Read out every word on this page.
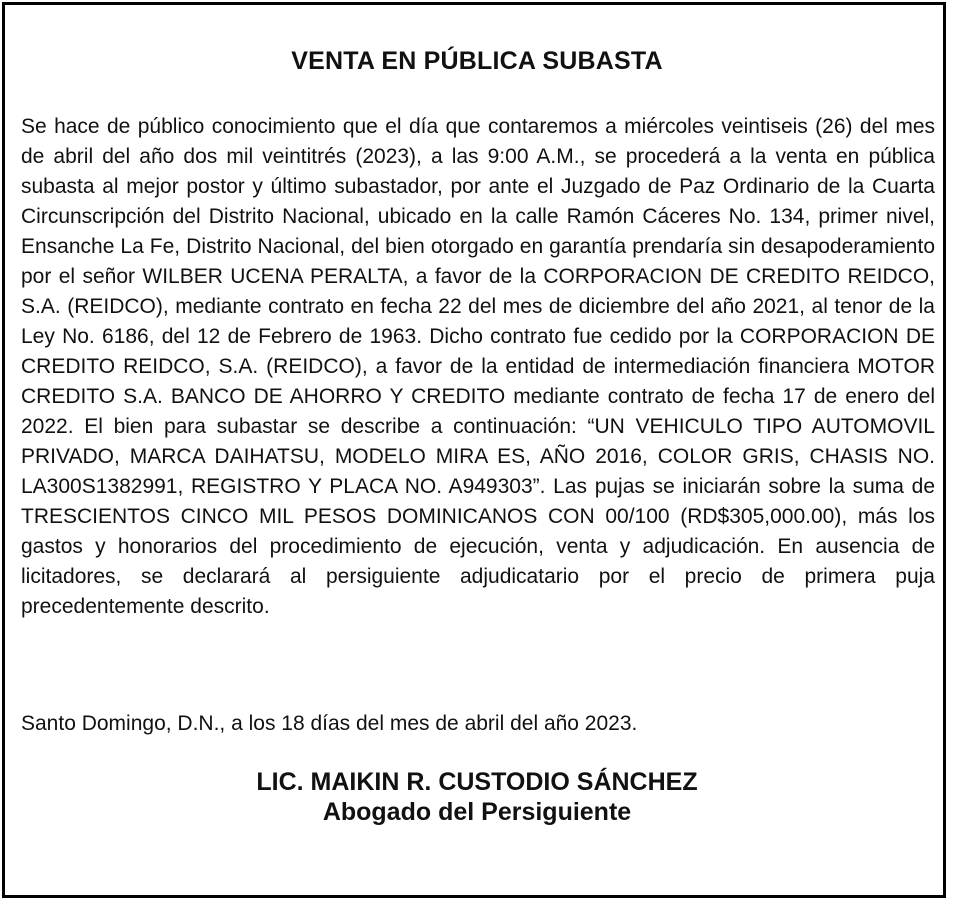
VENTA EN PÚBLICA SUBASTA

Se hace de público conocimiento que el día que contaremos a miércoles veintiseis (26) del mes de abril del año dos mil veintitrés (2023), a las 9:00 A.M., se procederá a la venta en pública subasta al mejor postor y último subastador, por ante el Juzgado de Paz Ordinario de la Cuarta Circunscripción del Distrito Nacional, ubicado en la calle Ramón Cáceres No. 134, primer nivel, Ensanche La Fe, Distrito Nacional, del bien otorgado en garantía prendaría sin desapoderamiento por el señor WILBER UCENA PERALTA, a favor de la CORPORACION DE CREDITO REIDCO, S.A. (REIDCO), mediante contrato en fecha 22 del mes de diciembre del año 2021, al tenor de la Ley No. 6186, del 12 de Febrero de 1963. Dicho contrato fue cedido por la CORPORACION DE CREDITO REIDCO, S.A. (REIDCO), a favor de la entidad de intermediación financiera MOTOR CREDITO S.A. BANCO DE AHORRO Y CREDITO mediante contrato de fecha 17 de enero del 2022. El bien para subastar se describe a continuación: “UN VEHICULO TIPO AUTOMOVIL PRIVADO, MARCA DAIHATSU, MODELO MIRA ES, AÑO 2016, COLOR GRIS, CHASIS NO. LA300S1382991, REGISTRO Y PLACA NO. A949303”. Las pujas se iniciarán sobre la suma de TRESCIENTOS CINCO MIL PESOS DOMINICANOS CON 00/100 (RD$305,000.00), más los gastos y honorarios del procedimiento de ejecución, venta y adjudicación. En ausencia de licitadores, se declarará al persiguiente adjudicatario por el precio de primera puja precedentemente descrito.

Santo Domingo, D.N., a los 18 días del mes de abril del año 2023.

LIC. MAIKIN R. CUSTODIO SÁNCHEZ
Abogado del Persiguiente
